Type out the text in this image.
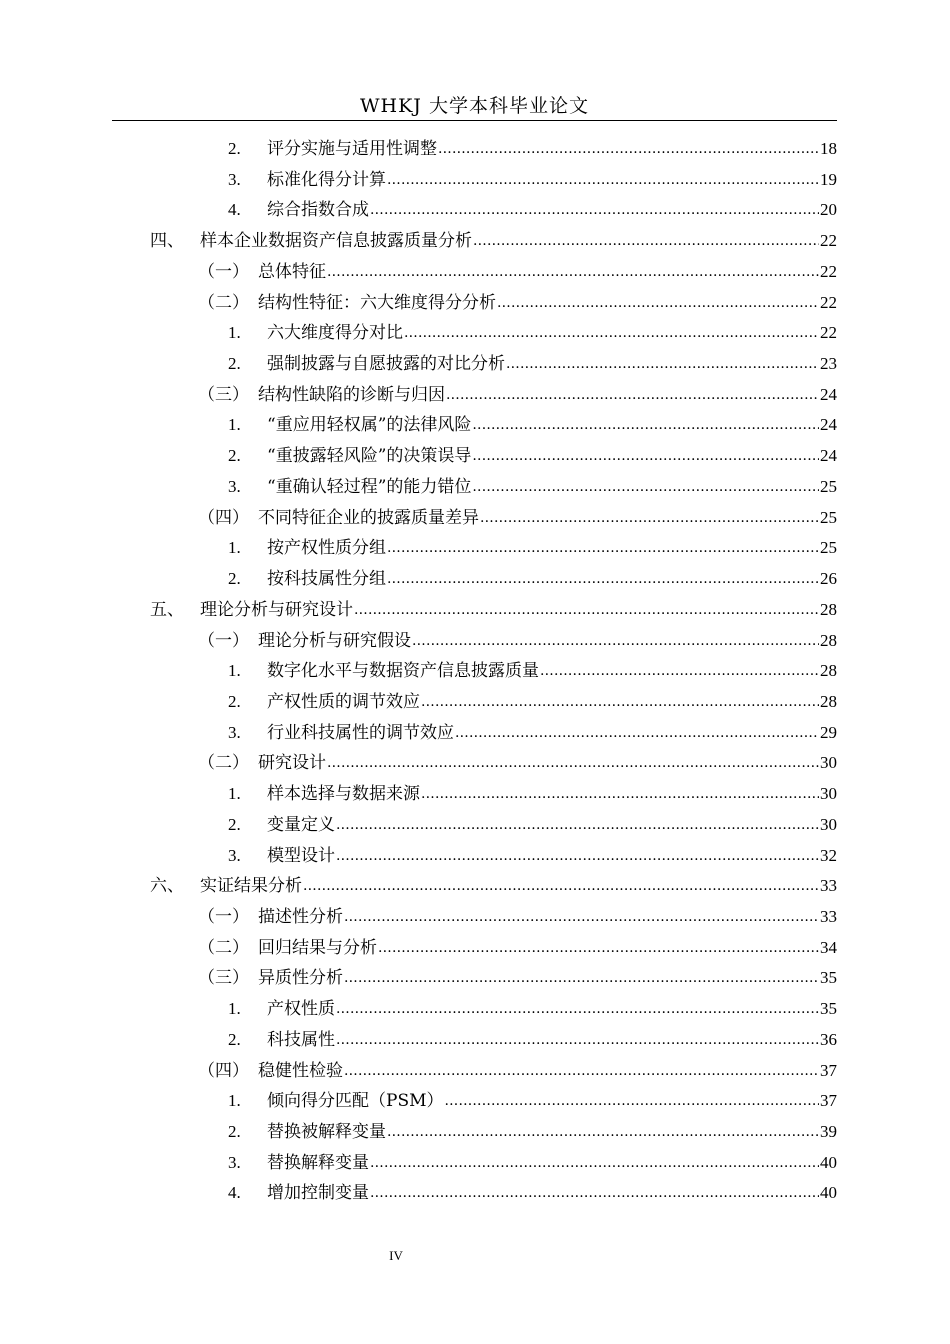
WHKJ 大学本科毕业论文
2.	评分实施与适用性调整 .....	18
3.	标准化得分计算 .....	19
4.	综合指数合成 .....	20
四、 样本企业数据资产信息披露质量分析 .....	22
（一） 总体特征 .....	22
（二） 结构性特征：六大维度得分分析 .....	22
1.	六大维度得分对比 .....	22
2.	强制披露与自愿披露的对比分析 .....	23
（三） 结构性缺陷的诊断与归因 .....	24
1.	“重应用轻权属”的法律风险 .....	24
2.	“重披露轻风险”的决策误导 .....	24
3.	“重确认轻过程”的能力错位 .....	25
（四） 不同特征企业的披露质量差异 .....	25
1.	按产权性质分组 .....	25
2.	按科技属性分组 .....	26
五、 理论分析与研究设计 .....	28
（一） 理论分析与研究假设 .....	28
1.	数字化水平与数据资产信息披露质量 .....	28
2.	产权性质的调节效应 .....	28
3.	行业科技属性的调节效应 .....	29
（二） 研究设计 .....	30
1.	样本选择与数据来源 .....	30
2.	变量定义 .....	30
3.	模型设计 .....	32
六、 实证结果分析 .....	33
（一） 描述性分析 .....	33
（二） 回归结果与分析 .....	34
（三） 异质性分析 .....	35
1.	产权性质 .....	35
2.	科技属性 .....	36
（四） 稳健性检验 .....	37
1.	倾向得分匹配（PSM） .....	37
2.	替换被解释变量 .....	39
3.	替换解释变量 .....	40
4.	增加控制变量 .....	40
IV
